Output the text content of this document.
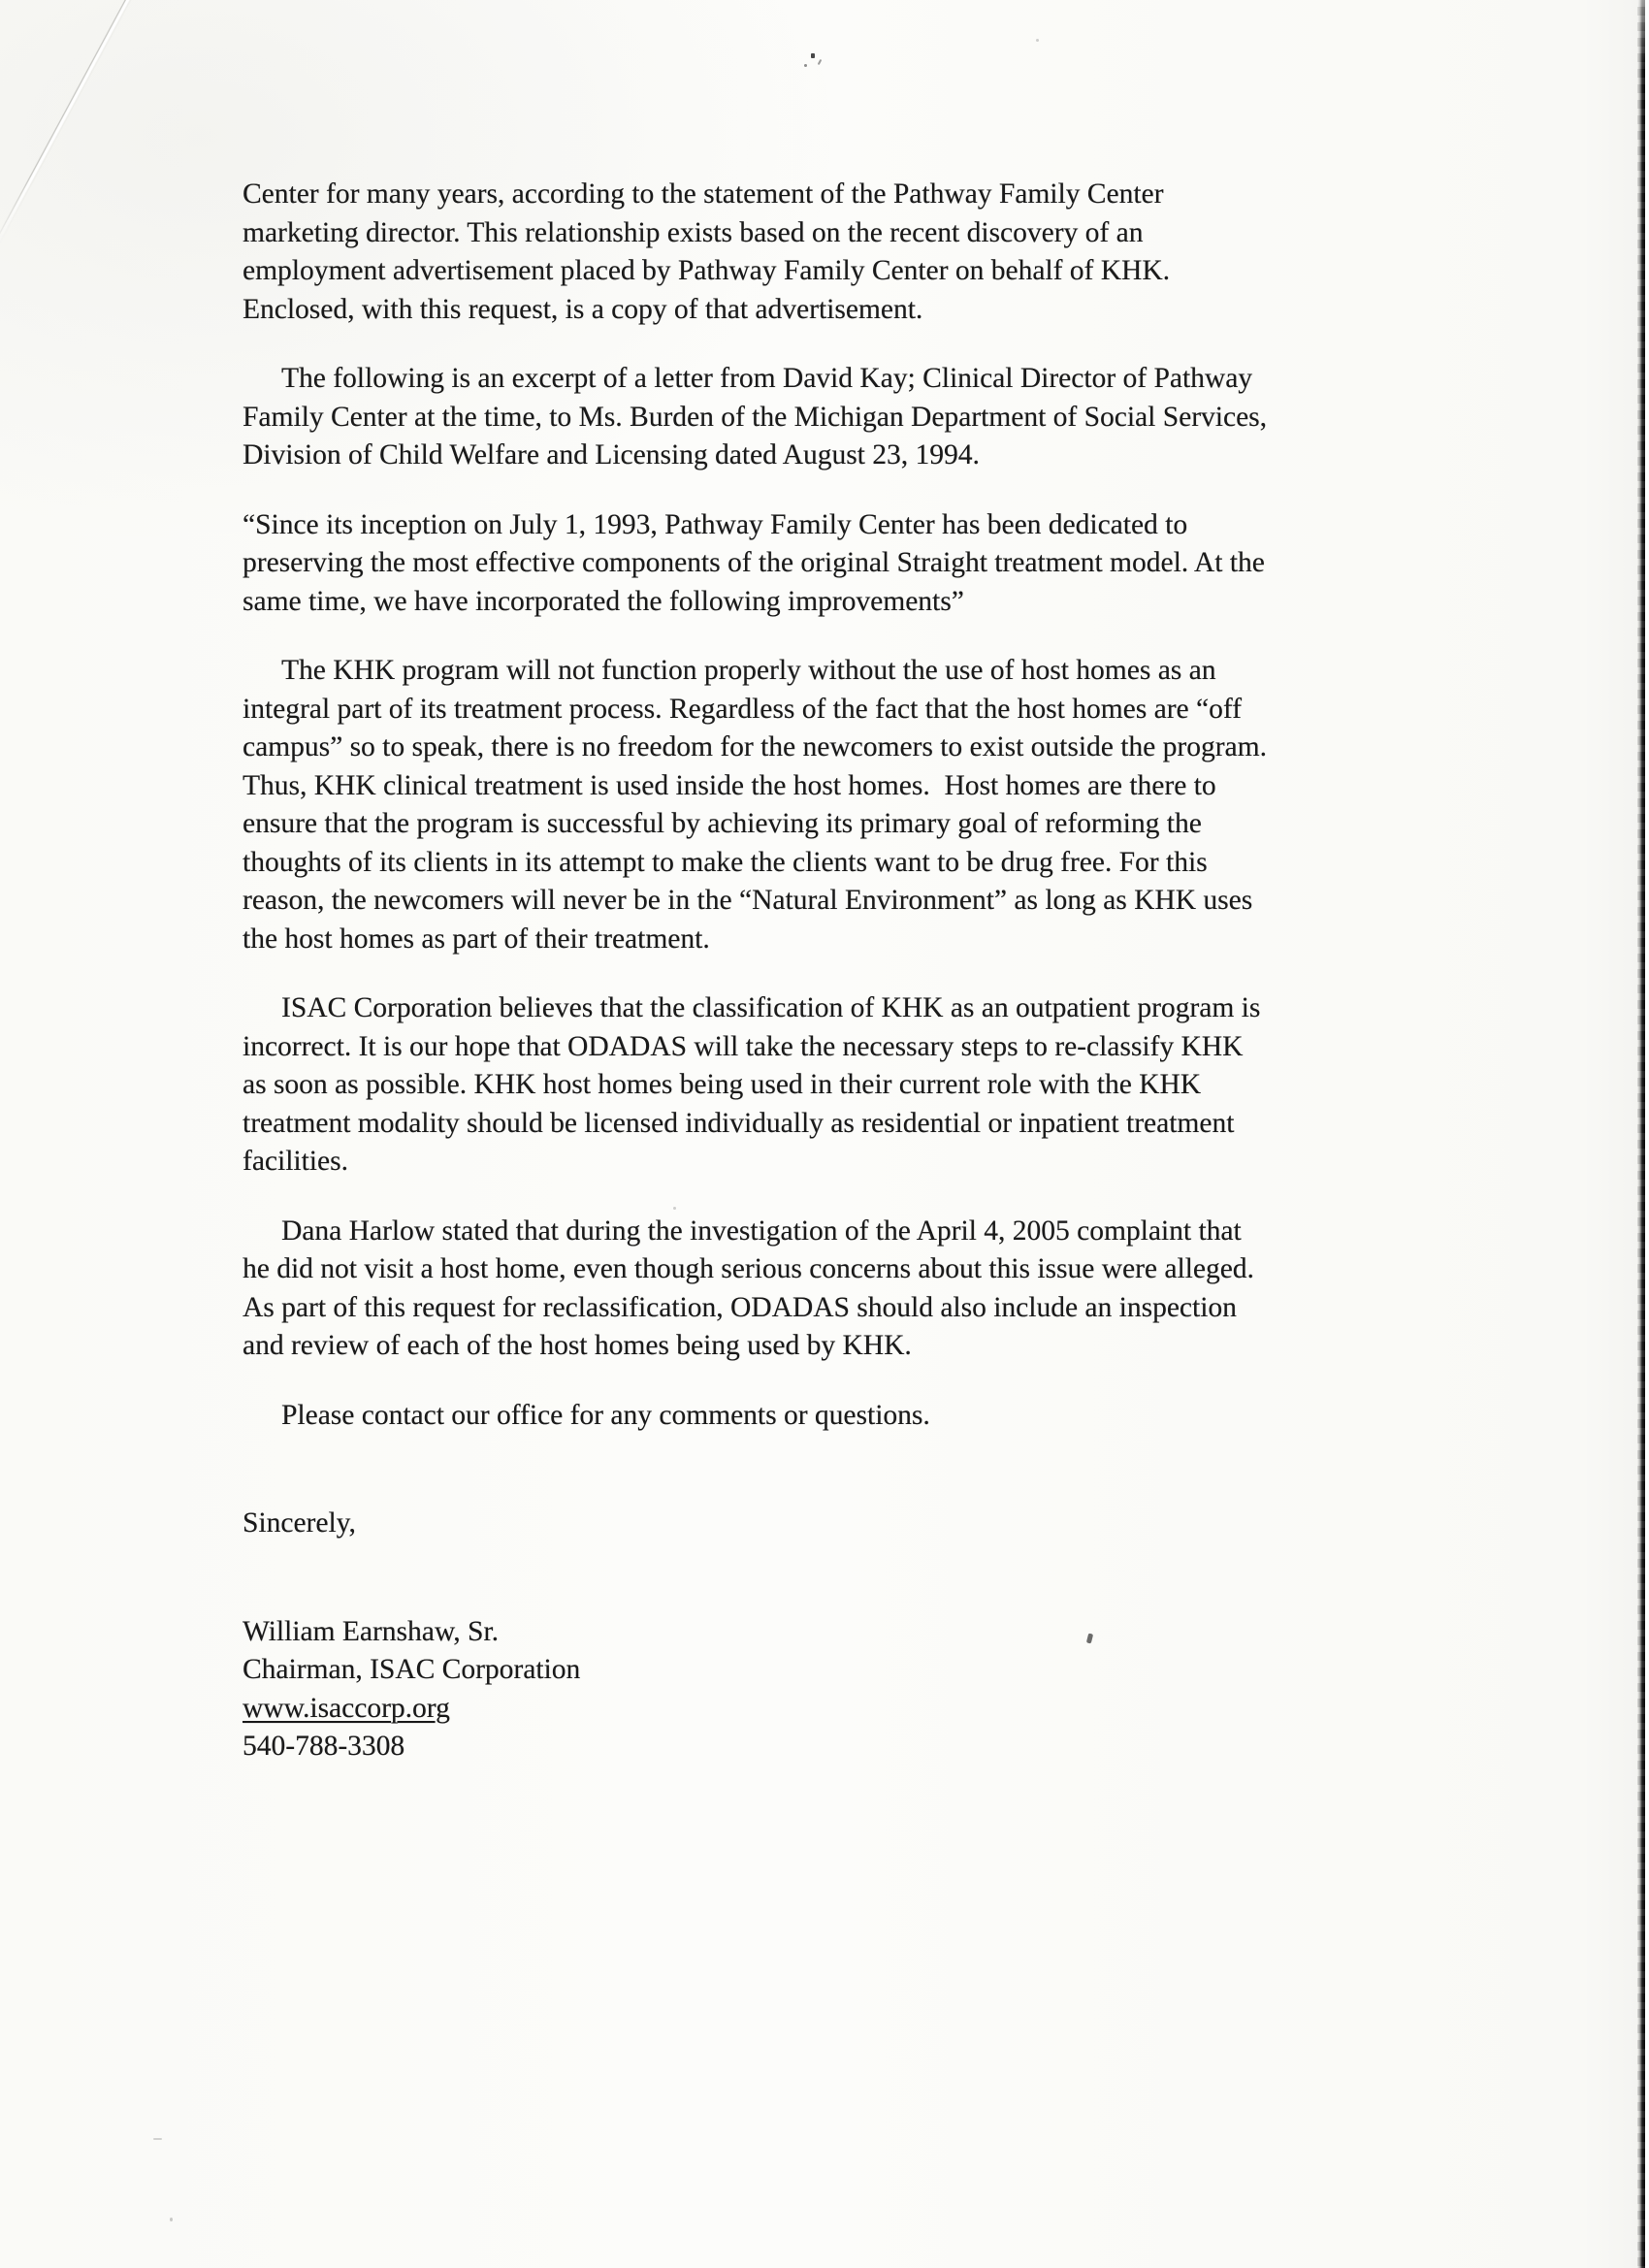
Center for many years, according to the statement of the Pathway Family Center
marketing director. This relationship exists based on the recent discovery of an
employment advertisement placed by Pathway Family Center on behalf of KHK.
Enclosed, with this request, is a copy of that advertisement.
The following is an excerpt of a letter from David Kay; Clinical Director of Pathway
Family Center at the time, to Ms. Burden of the Michigan Department of Social Services,
Division of Child Welfare and Licensing dated August 23, 1994.
“Since its inception on July 1, 1993, Pathway Family Center has been dedicated to
preserving the most effective components of the original Straight treatment model. At the
same time, we have incorporated the following improvements”
The KHK program will not function properly without the use of host homes as an
integral part of its treatment process. Regardless of the fact that the host homes are “off
campus” so to speak, there is no freedom for the newcomers to exist outside the program.
Thus, KHK clinical treatment is used inside the host homes.  Host homes are there to
ensure that the program is successful by achieving its primary goal of reforming the
thoughts of its clients in its attempt to make the clients want to be drug free. For this
reason, the newcomers will never be in the “Natural Environment” as long as KHK uses
the host homes as part of their treatment.
ISAC Corporation believes that the classification of KHK as an outpatient program is
incorrect. It is our hope that ODADAS will take the necessary steps to re-classify KHK
as soon as possible. KHK host homes being used in their current role with the KHK
treatment modality should be licensed individually as residential or inpatient treatment
facilities.
Dana Harlow stated that during the investigation of the April 4, 2005 complaint that
he did not visit a host home, even though serious concerns about this issue were alleged.
As part of this request for reclassification, ODADAS should also include an inspection
and review of each of the host homes being used by KHK.
Please contact our office for any comments or questions.
Sincerely,
William Earnshaw, Sr.
Chairman, ISAC Corporation
www.isaccorp.org
540-788-3308
